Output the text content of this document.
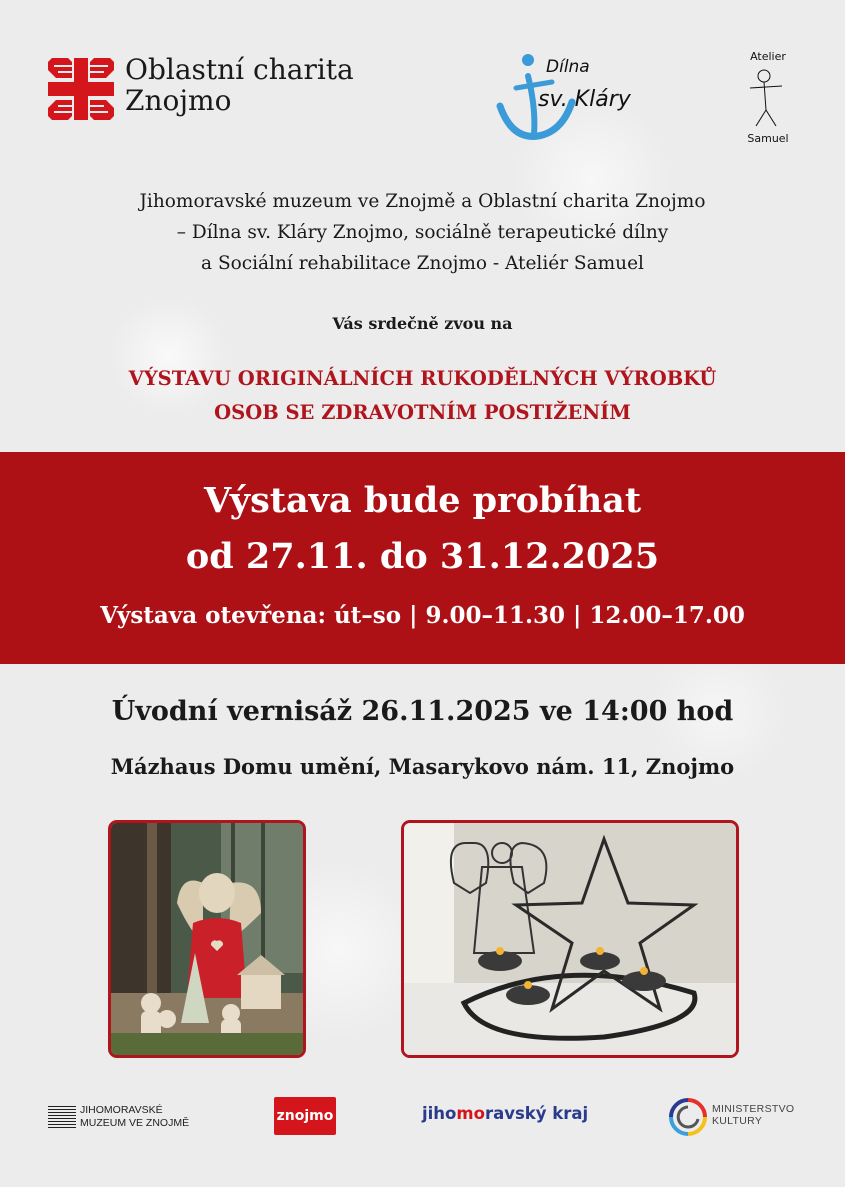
Oblastní charita
Znojmo
Dílna
sv. Kláry
Atelier
Samuel
Jihomoravské muzeum ve Znojmě a Oblastní charita Znojmo
– Dílna sv. Kláry Znojmo, sociálně terapeutické dílny
a Sociální rehabilitace Znojmo - Ateliér Samuel
Vás srdečně zvou na
VÝSTAVU ORIGINÁLNÍCH RUKODĚLNÝCH VÝROBKŮ
OSOB SE ZDRAVOTNÍM POSTIŽENÍM
Výstava bude probíhat
od 27.11. do 31.12.2025
Výstava otevřena: út–so | 9.00–11.30 | 12.00–17.00
Úvodní vernisáž 26.11.2025 ve 14:00 hod
Mázhaus Domu umění, Masarykovo nám. 11, Znojmo
JIHOMORAVSKÉ
MUZEUM VE ZNOJMĚ	znojmo	jihomoravský kraj	MINISTERSTVO
KULTURY
